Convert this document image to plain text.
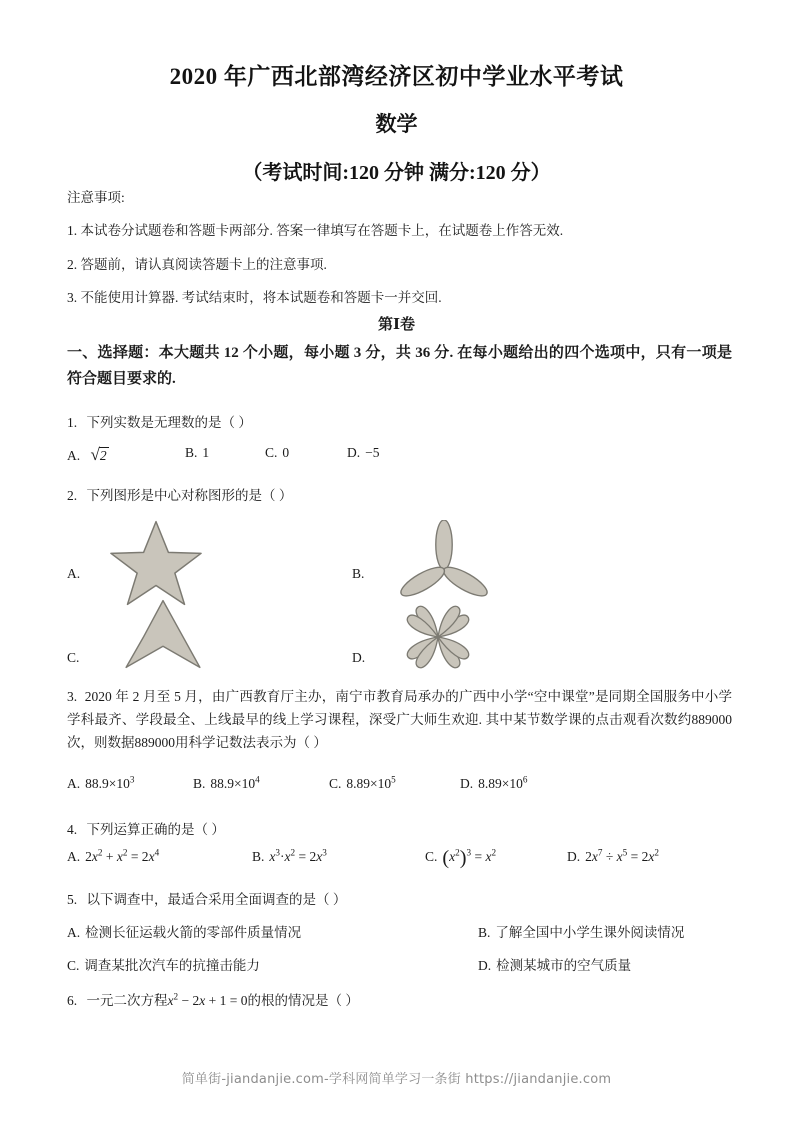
2020 年广西北部湾经济区初中学业水平考试
数学
（考试时间:120 分钟 满分:120 分）
注意事项:
1. 本试卷分试题卷和答题卡两部分. 答案一律填写在答题卡上，在试题卷上作答无效.
2. 答题前，请认真阅读答题卡上的注意事项.
3. 不能使用计算器. 考试结束时，将本试题卷和答题卡一并交回.
第Ⅰ卷
一、选择题：本大题共 12 个小题，每小题 3 分，共 36 分. 在每小题给出的四个选项中，只有一项是符合题目要求的.
1. 下列实数是无理数的是（ ）
A. √2	B. 1	C. 0	D. −5
2. 下列图形是中心对称图形的是（ ）
A.	B.
C.	D.
3. 2020 年 2 月至 5 月，由广西教育厅主办，南宁市教育局承办的广西中小学“空中课堂”是同期全国服务中小学学科最齐、学段最全、上线最早的线上学习课程，深受广大师生欢迎. 其中某节数学课的点击观看次数约889000次，则数据889000用科学记数法表示为（ ）
A. $88.9\times 10^3$	B. $88.9\times 10^4$	C. $8.89\times 10^5$	D. $8.89\times 10^6$
4. 下列运算正确的是（ ）
A. $2x^2 + x^2 = 2x^4$	B. $x^3\cdot x^2 = 2x^3$	C. $(x^2)^3 = x^2$	D. $2x^7 \div x^5 = 2x^2$
5. 以下调查中，最适合采用全面调查的是（ ）
A. 检测长征运载火箭的零部件质量情况	B. 了解全国中小学生课外阅读情况
C. 调查某批次汽车的抗撞击能力	D. 检测某城市的空气质量
6. 一元二次方程$x^2 - 2x + 1 = 0$的根的情况是（ ）
简单街-jiandanjie.com-学科网简单学习一条街 https://jiandanjie.com
